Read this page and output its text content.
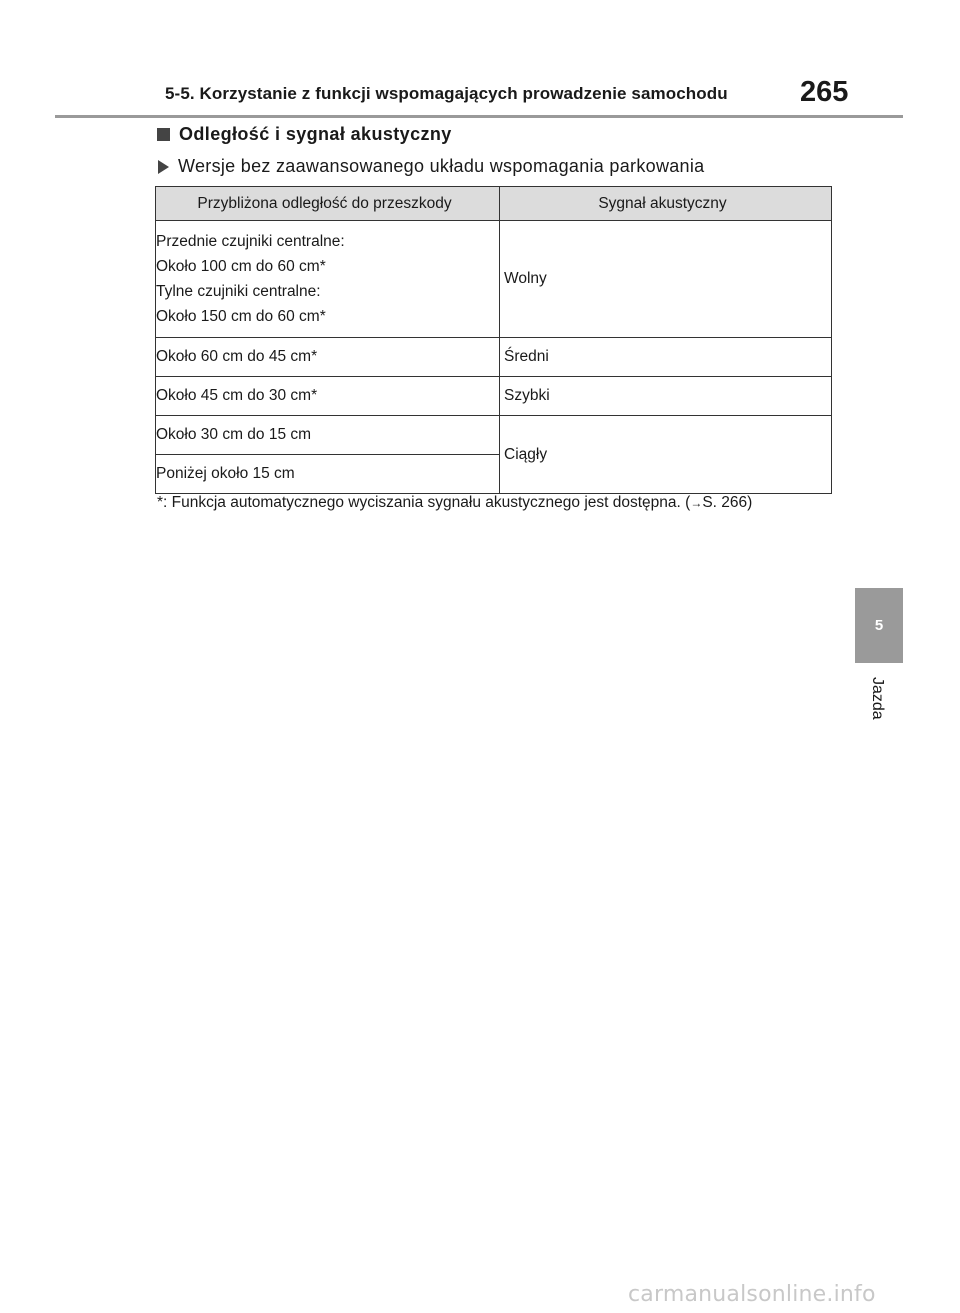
5-5. Korzystanie z funkcji wspomagających prowadzenie samochodu 265
Odległość i sygnał akustyczny
Wersje bez zaawansowanego układu wspomagania parkowania
Przybliżona odległość do przeszkody	Sygnał akustyczny

Przednie czujniki centralne:
Około 100 cm do 60 cm*
Tylne czujniki centralne:
Około 150 cm do 60 cm*	Wolny
Około 60 cm do 45 cm*	Średni
Około 45 cm do 30 cm*	Szybki
Około 30 cm do 15 cm	Ciągły
Poniżej około 15 cm	
*: Funkcja automatycznego wyciszania sygnału akustycznego jest dostępna. (→S. 266)
5
Jazda
carmanualsonline.info
